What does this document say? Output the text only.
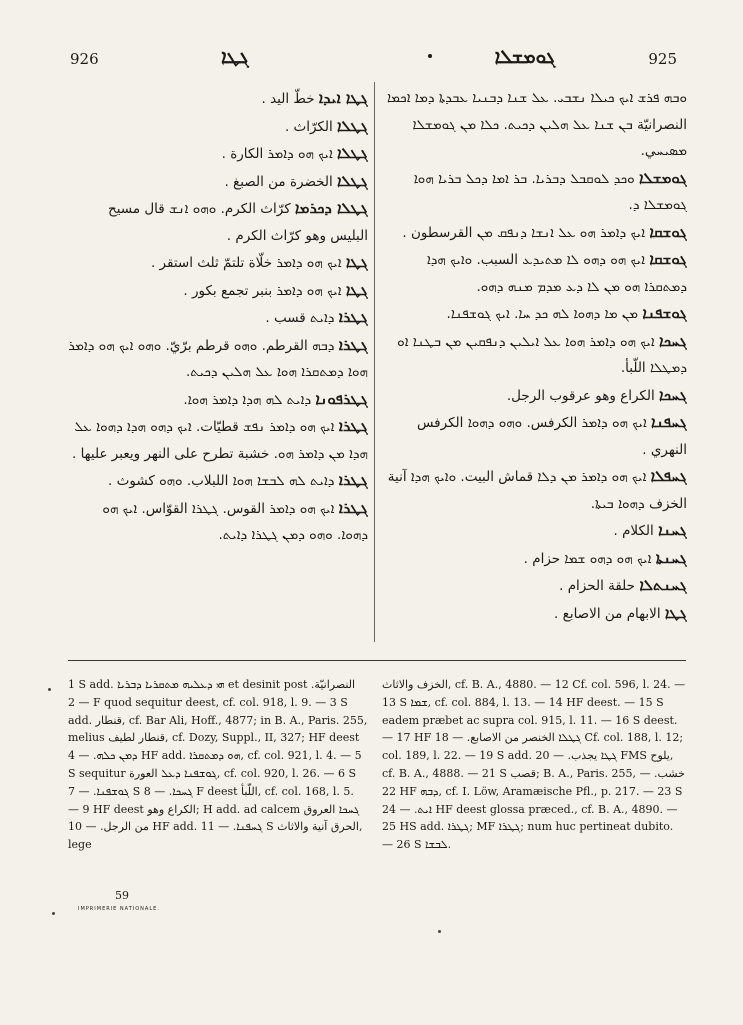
926	ܓܛܐ	ܓܘܡܫܠܐ	925

ܓܛܐ ܐܝܕܐ خطّ اليد .

ܓܛܠܐ الكرّاث .

ܓܛܠܐ ܐܝܟ ܗܘ ܕܐܡܪ الكارة .

ܓܛܠܐ الخضرة من الصبغ .

ܓܛܠܐ ܕܟܪܡܐ كرّاث الكرم. ܘܗܘ ܐܢܫ قال مسيح البليس وهو كرّاث الكرم .

ܓܛܐ ܐܝܟ ܗܘ ܕܐܡܪ خلّاة تلتمّ ثلث استقر .

ܓܛܐ ܐܝܟ ܗܘ ܕܐܡܪ بنبر تجمع بكور .

ܓܛܪܐ ܕܐܝܬ قسب .

ܓܛܪܐ ܕܒܗ القرطم. ܘܗܘ قرطم برّيّ. ܘܗܘ ܐܝܟ ܗܘ ܕܐܡܪ ܗܘܐ ܕܡܬܩܪܐ ܗܘܐ ܥܠ ܗܠܝܢ ܕܟܝܬ.

ܓܛܪܦܘܢܐ ܕܐܝܬ ܠܗ ܗܕܐ ܕܐܡܪ ܗܘܐ.

ܓܛܪܐ ܐܝܟ ܗܘ ܕܐܡܪ ܢܦܫ قطيّات. ܐܝܟ ܕܗܘ ܗܕܐ ܕܗܘܐ ܥܠ ܗܕܐ ܡܢ ܕܐܡܪ ܗܘ. خشبة تطرح على النهر ويعبر عليها .

ܓܛܪܐ ܕܐܝܬ ܠܗ ܠܒܫܐ ܗܘܐ اللبلاب. ܘܗܘ كشوث .

ܓܛܪܐ ܐܝܟ ܗܘ ܕܐܡܪ القوس. ܓܛܪܐ القوّاس. ܐܝܟ ܗܘ ܕܗܘܐ. ܘܗܘ ܕܡܢ ܓܛܪܐ ܕܐܝܬ.

ܘܒܗ ܦܪܫ ܐܝܟ ܟܝܠܐ ܢܫܒܝ. ܥܠ ܫܢܐ ܕܒܢܝܐ ܥܒܕܬܐ ܕܡܐ ܐܟܡܐ النصرانيّة ܒܢ ܫܢܐ ܥܠ ܗܠܝܢ ܕܟܝܬ. ܟܠܐ ܡܢ ܓܘܡܫܠܐ ܡܣܝܚي.

ܓܘܡܫܠܐ ܘܟܕ ܠܘܩܒܠ ܕܒܪܝܐ. ܒܪ ܐܡܐ ܕܟܠ ܒܪܝܐ ܗܘܐ ܓܘܡܫܠܐ ܕ.

ܓܘܫܩܐ ܐܝܟ ܕܐܡܪ ܗܘ ܥܠ ܐܢܫܐ ܕܢܦܩ ܡܢ القرسطون .

ܓܘܫܩܐ ܐܝܟ ܗܘ ܕܗܘ ܠܐ ܡܬܝܕܥ السبب. ܘܐܝܟ ܗܕܐ ܕܡܬܩܪܐ ܗܘ ܡܢ ܠܐ ܕܥ ܡܕܡ ܡܢܗ ܕܗܘ.

ܓܘܫܦܢܐ ܡܢ ܡܐ ܕܗܘܐ ܠܗ ܟܕ ܚܐ. ܐܝܟ ܓܘܫܦܢܐ.

ܓܚܟܐ ܐܝܟ ܗܘ ܕܐܡܪ ܗܘܐ ܥܠ ܐܝܠܝܢ ܕܢܦܩܝܢ ܡܢ ܒܛܢܐ ܐܘ ܕܡܛܠܐ اللّبأ.

ܓܚܟܐ الكراع وهو عرقوب الرجل.

ܓܚܦܢܐ ܐܝܟ ܗܘ ܕܐܡܪ الكرفس. ܘܗܘ ܕܗܘܐ الكرفس النهري .

ܓܚܦܠܐ ܐܝܟ ܗܘ ܕܐܡܪ ܡܢ ܕܠܐ قماش البيت. ܘܐܝܟ ܗܕܐ آنية الخزف ܕܗܘܐ ܒܝܬܐ.

ܓܚܢܐ الكلام .

ܓܚܢܬܐ ܐܝܟ ܗܘ ܕܗܘ ܫܡܐ حزام .

ܓܚܢܬܠܐ حلقة الحزام .

ܓܛܐ الابهام من الاصابع .

1 S add. ܗܝ ܕܥܠܝܗ ܡܬܩܪܝܐ ܕܒܪܝܐ et desinit post النصرانيّة. — 2 F quod sequitur deest, cf. col. 918, l. 9. — 3 S add. قنطار, cf. Bar Ali, Hoff., 4877; in B. A., Paris. 255, melius قنطار لطيف, cf. Dozy, Suppl., II, 327; HF deest ܕܡܢ ܟܠܗ. — 4 HF add. ܗܘ ܕܡܬܩܪܐ, cf. col. 921, l. 4. — 5 S sequitur ܓܘܫܦܢܐ ܕܥܠ العورة, cf. col. 920, l. 26. — 6 S ܓܘܫܦܢܐ. — 7 S ܓܚܟܐ. — 8 F deest اللّبأ, cf. col. 168, l. 5. — 9 HF deest الكراع وهو; H add. ad calcem ܓܚܟܐ العروق من الرجل. — 10 HF add. ܓܚܦܢܐ. — 11 S الحرق آنية والاثاث, lege

الخزف والاثاث, cf. B. A., 4880. — 12 Cf. col. 596, l. 24. — 13 S ܫܡܐ, cf. col. 884, l. 13. — 14 HF deest. — 15 S eadem præbet ac supra col. 915, l. 11. — 16 S deest. — 17 HF ܓܛܠܐ الخنصر من الاصابع. — 18 Cf. col. 188, l. 12; col. 189, l. 22. — 19 S add. ܓܛܐ يجذب. — 20 FMS يلوح, cf. B. A., 4888. — 21 S قصب; B. A., Paris. 255, خشب. — 22 HF ܕܒܗ, cf. I. Löw, Aramæische Pfl., p. 217. — 23 S ܐܝܬ. — 24 HF deest glossa præced., cf. B. A., 4890. — 25 HS add. ܓܛܪܐ; MF ܓܛܪܐ; num huc pertineat dubito. — 26 S ܠܒܫܐ.

59
IMPRIMERIE NATIONALE.
